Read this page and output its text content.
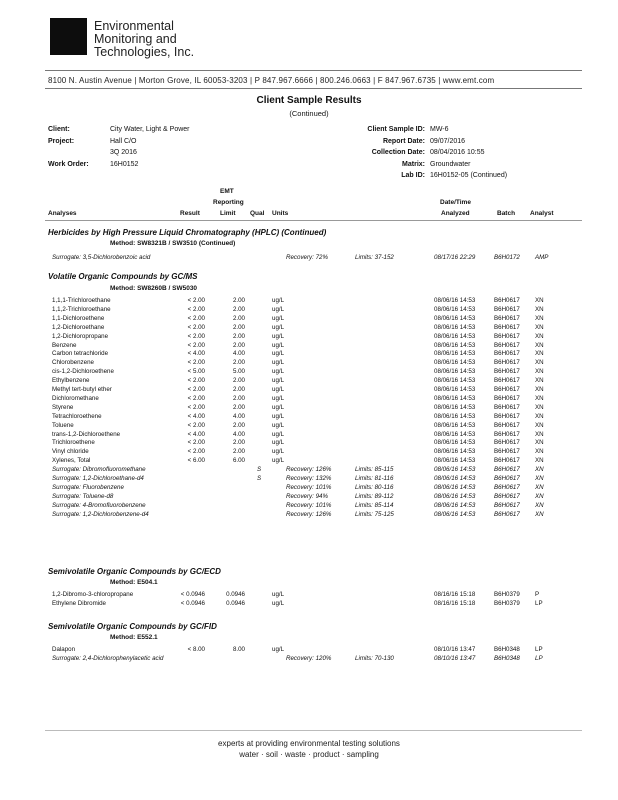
Environmental
Monitoring and
Technologies, Inc.
8100 N. Austin Avenue | Morton Grove, IL 60053-3203 | P 847.967.6666 | 800.246.0663 | F 847.967.6735 | www.emt.com
Client Sample Results
(Continued)
Client:	City Water, Light & Power
Project:	Hall C/O
3Q 2016
Work Order:	16H0152
Client Sample ID: MW-6
Report Date: 09/07/2016
Collection Date: 08/04/2016 10:55
Matrix: Groundwater
Lab ID: 16H0152-05 (Continued)
EMT
Reporting	Date/Time
Analyses	Result	Limit Qual Units	Analyzed	Batch Analyst
Herbicides by High Pressure Liquid Chromatography (HPLC) (Continued)
Method: SW8321B / SW3510 (Continued)
Surrogate: 3,5-Dichlorobenzoic acid	Recovery: 72%	Limits: 37-152	08/17/16 22:29	B6H0172 AMP
Volatile Organic Compounds by GC/MS
Method: SW8260B / SW5030
1,1,1-Trichloroethane	< 2.00	2.00	ug/L	08/06/16 14:53	B6H0617 XN
1,1,2-Trichloroethane	< 2.00	2.00	ug/L	08/06/16 14:53	B6H0617 XN
1,1-Dichloroethene	< 2.00	2.00	ug/L	08/06/16 14:53	B6H0617 XN
1,2-Dichloroethane	< 2.00	2.00	ug/L	08/06/16 14:53	B6H0617 XN
1,2-Dichloropropane	< 2.00	2.00	ug/L	08/06/16 14:53	B6H0617 XN
Benzene	< 2.00	2.00	ug/L	08/06/16 14:53	B6H0617 XN
Carbon tetrachloride	< 4.00	4.00	ug/L	08/06/16 14:53	B6H0617 XN
Chlorobenzene	< 2.00	2.00	ug/L	08/06/16 14:53	B6H0617 XN
cis-1,2-Dichloroethene	< 5.00	5.00	ug/L	08/06/16 14:53	B6H0617 XN
Ethylbenzene	< 2.00	2.00	ug/L	08/06/16 14:53	B6H0617 XN
Methyl tert-butyl ether	< 2.00	2.00	ug/L	08/06/16 14:53	B6H0617 XN
Dichloromethane	< 2.00	2.00	ug/L	08/06/16 14:53	B6H0617 XN
Styrene	< 2.00	2.00	ug/L	08/06/16 14:53	B6H0617 XN
Tetrachloroethene	< 4.00	4.00	ug/L	08/06/16 14:53	B6H0617 XN
Toluene	< 2.00	2.00	ug/L	08/06/16 14:53	B6H0617 XN
trans-1,2-Dichloroethene	< 4.00	4.00	ug/L	08/06/16 14:53	B6H0617 XN
Trichloroethene	< 2.00	2.00	ug/L	08/06/16 14:53	B6H0617 XN
Vinyl chloride	< 2.00	2.00	ug/L	08/06/16 14:53	B6H0617 XN
Xylenes, Total	< 6.00	6.00	ug/L	08/06/16 14:53	B6H0617 XN
Surrogate: Dibromofluoromethane	S	Recovery: 126%	Limits: 85-115	08/06/16 14:53	B6H0617 XN
Surrogate: 1,2-Dichloroethane-d4	S	Recovery: 132%	Limits: 81-116	08/06/16 14:53	B6H0617 XN
Surrogate: Fluorobenzene	Recovery: 101%	Limits: 80-116	08/06/16 14:53	B6H0617 XN
Surrogate: Toluene-d8	Recovery: 94%	Limits: 89-112	08/06/16 14:53	B6H0617 XN
Surrogate: 4-Bromofluorobenzene	Recovery: 101%	Limits: 85-114	08/06/16 14:53	B6H0617 XN
Surrogate: 1,2-Dichlorobenzene-d4	Recovery: 126%	Limits: 75-125	08/06/16 14:53	B6H0617 XN
Semivolatile Organic Compounds by GC/ECD
Method: E504.1
1,2-Dibromo-3-chloropropane	< 0.0946	0.0946	ug/L	08/16/16 15:18	B6H0379 P
Ethylene Dibromide	< 0.0946	0.0946	ug/L	08/16/16 15:18	B6H0379 LP
Semivolatile Organic Compounds by GC/FID
Method: E552.1
Dalapon	< 8.00	8.00	ug/L	08/10/16 13:47	B6H0348 LP
Surrogate: 2,4-Dichlorophenylacetic acid	Recovery: 120%	Limits: 70-130	08/10/16 13:47	B6H0348 LP
experts at providing environmental testing solutions
water · soil · waste · product · sampling
